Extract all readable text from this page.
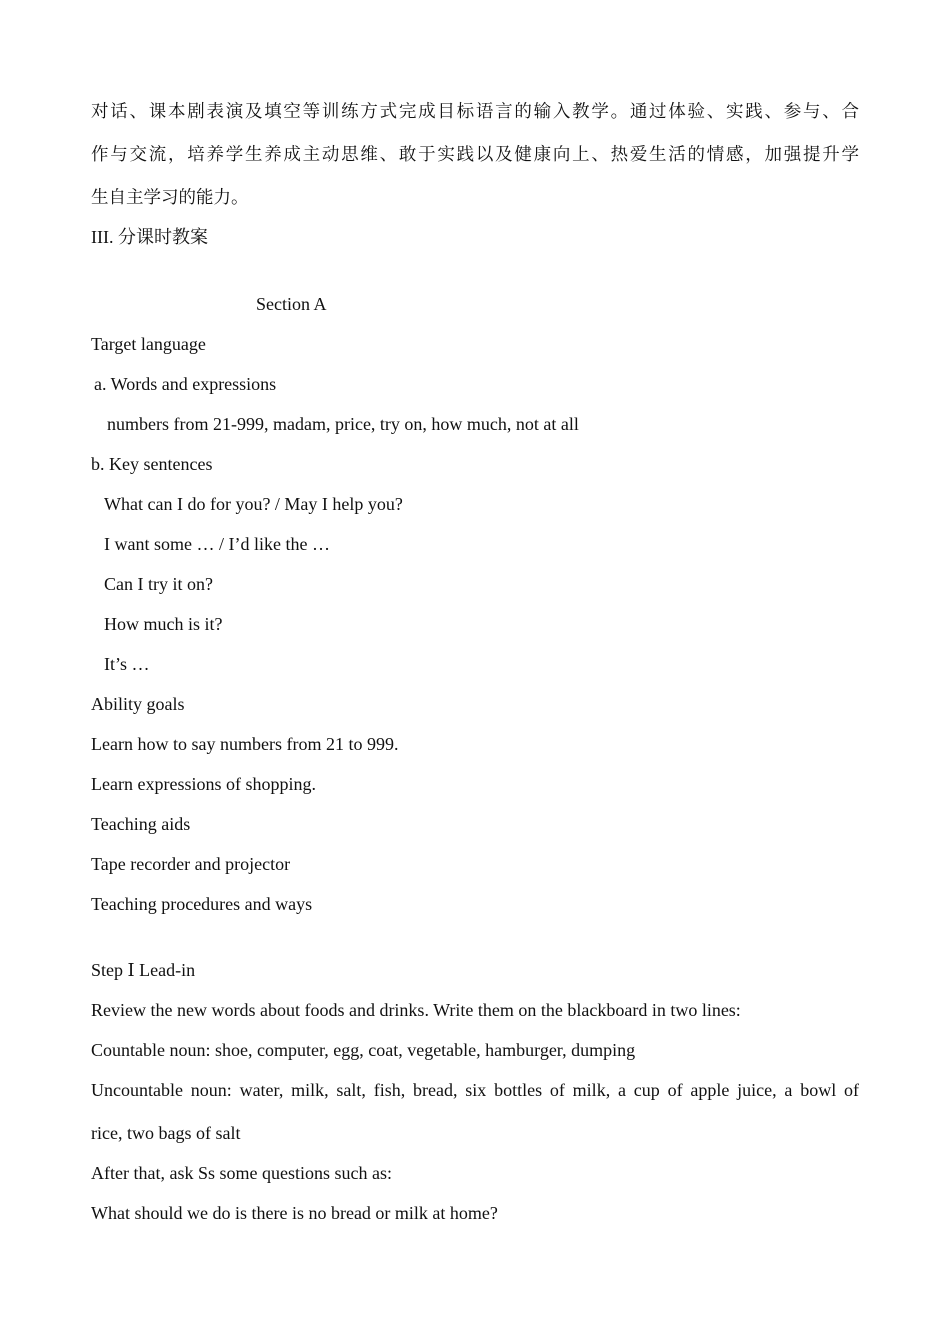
对话、课本剧表演及填空等训练方式完成目标语言的输入教学。通过体验、实践、参与、合
作与交流，培养学生养成主动思维、敢于实践以及健康向上、热爱生活的情感，加强提升学
生自主学习的能力。
III. 分课时教案
Section A
Target language
a. Words and expressions
numbers from 21-999, madam, price, try on, how much, not at all
b. Key sentences
What can I do for you? / May I help you?
I want some … / I’d like the …
Can I try it on?
How much is it?
It’s …
Ability goals
Learn how to say numbers from 21 to 999.
Learn expressions of shopping.
Teaching aids
Tape recorder and projector
Teaching procedures and ways
Step Ⅰ Lead-in
Review the new words about foods and drinks. Write them on the blackboard in two lines:
Countable noun: shoe, computer, egg, coat, vegetable, hamburger, dumping
Uncountable noun: water, milk, salt, fish, bread, six bottles of milk, a cup of apple juice, a bowl of
rice, two bags of salt
After that, ask Ss some questions such as:
What should we do is there is no bread or milk at home?
